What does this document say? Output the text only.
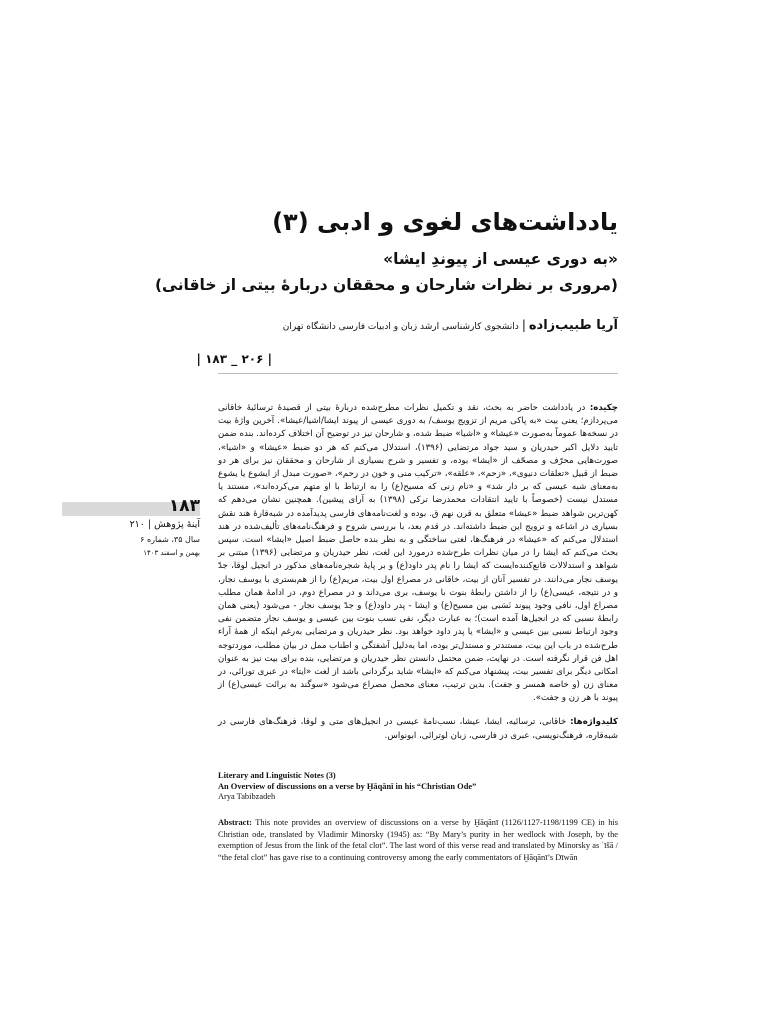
یادداشت‌های لغوی و ادبی (۳)
«به دوری عیسی از پیوندِ ایشا»
(مروری بر نظرات شارحان و محققان دربارهٔ بیتی از خاقانی)
آریا طبیب‌زاده|دانشجوی کارشناسی ارشد زبان و ادبیات فارسی دانشگاه تهران
| ۲۰۶ _ ۱۸۳ |

چکیده: در یادداشت حاضر به بحث، نقد و تکمیل نظرات مطرح‌شده دربارهٔ بیتی از قصیدهٔ ترسائیهٔ خاقانی می‌پردازم؛ یعنی بیت «به پاکی مریم از تزویج یوسف/ به دوری عیسی از پیوند ایشا/اشیا/عیشا». آخرین واژهٔ بیت در نسخه‌ها عموماً به‌صورت «عیشا» و «اشیا» ضبط شده، و شارحان نیز در توضیح آن اختلاف کرده‌اند. بنده ضمن تایید دلایل اکبر حیدریان و سید جواد مرتضایی (۱۳۹۶)، استدلال می‌کنم که هر دو ضبط «عیشا» و «اشیا»، صورت‌هایی محرّف و مصحّف از «ایشا» بوده، و تفسیر و شرح بسیاری از شارحان و محققان نیز برای هر دو ضبط از قبیل «تعلقات دنیوی»، «زحم»، «علقه»، «ترکیب منی و خون در رحم»، «صورت مبدل از ایشوع یا یشوع به‌معنای شبه عیسی که بر دار شد» و «نام زنی که مسیح(ع) را به ارتباط با او متهم می‌کرده‌اند»، مستند یا مستدل نیست (خصوصاً با تایید انتقادات محمدرضا ترکی (۱۳۹۸) به آرای پیشین). همچنین نشان می‌دهم که کهن‌ترین شواهد ضبط «عیشا» متعلق به قرن نهم ق. بوده و لغت‌نامه‌های فارسی پدیدآمده در شبه‌قارهٔ هند نقش بسیاری در اشاعه و ترویج این ضبط داشته‌اند. در قدم بعد، با بررسی شروح و فرهنگ‌نامه‌های تألیف‌شده در هند استدلال می‌کنم که «عیشا» در فرهنگ‌ها، لغتی ساختگی و به نظر بنده حاصل ضبط اصیل «ایشا» است. سپس بحث می‌کنم که ایشا را در میان نظرات طرح‌شده درمورد این لغت، نظر حیدریان و مرتضایی (۱۳۹۶) مبتنی بر شواهد و استدلالات قانع‌کننده‌ایست که ایشا را نام پدر داود(ع) و بر پایهٔ شجره‌نامه‌های مذکور در انجیل لوقا، جدّ یوسف نجار می‌دانند. در تفسیر آنان از بیت، خاقانی در مصراع اول بیت، مریم(ع) را از هم‌بستری با یوسف نجار، و در نتیجه، عیسی(ع) را از داشتن رابطهٔ بنوت با یوسف، بری می‌داند و در مصراع دوم، در ادامهٔ همان مطلب مصراع اول، نافی وجود پیوند نَسَبی بین مسیح(ع) و ایشا - پدر داود(ع) و جدّ یوسف نجار - می‌شود (یعنی همان رابطهٔ نسبی که در انجیل‌ها آمده است)؛ به عبارت دیگر، نفی نسب بنوت بین عیسی و یوسف نجار متضمن نفی وجود ارتباط نسبی بین عیسی و «ایشا» یا پدر داود خواهد بود. نظر حیدریان و مرتضایی به‌رغم اینکه از همهٔ آراء طرح‌شده در باب این بیت، مستندتر و مستدل‌تر بوده، اما به‌دلیل آشفتگی و اطناب ممل در بیان مطلب، موردتوجه اهل فن قرار نگرفته است. در نهایت، ضمن محتمل دانستن نظر حیدریان و مرتضایی، بنده برای بیت نیز به عنوان امکانی دیگر برای تفسیر بیت، پیشنهاد می‌کنم که «ایشا» شاید برگردانی باشد از لغت «ایتا» در عبری تورائی، در معنای زن (و خاصه همسر و جفت). بدین ترتیب، معنای محصل مصراع می‌شود «سوگند به برائت عیسی(ع) از پیوند با هر زن و جفت».

کلیدواژه‌ها: خاقانی، ترسائیه، ایشا، عیشا، نسب‌نامهٔ عیسی در انجیل‌های متی و لوقا، فرهنگ‌های فارسی در شبه‌قاره، فرهنگ‌نویسی، عبری در فارسی، زبان لوترائی، ابونواس.

۱۸۳
آینهٔ پژوهش | ۲۱۰
سال ۳۵، شماره ۶
بهمن و اسفند ۱۴۰۳

Literary and Linguistic Notes (3)

An Overview of discussions on a verse by Ḫāqānī in his “Christian Ode”

Arya Tabibzadeh

Abstract: This note provides an overview of discussions on a verse by Ḫāqānī (1126/1127-1198/1199 CE) in his Christian ode, translated by Vladimir Minorsky (1945) as: “By Mary’s purity in her wedlock with Joseph, by the exemption of Jesus from the link of the fetal clot”. The last word of this verse read and translated by Minorsky as ʿīšā / “the fetal clot” has gave rise to a continuing controversy among the early commentators of Ḫāqānī’s Dīwān
